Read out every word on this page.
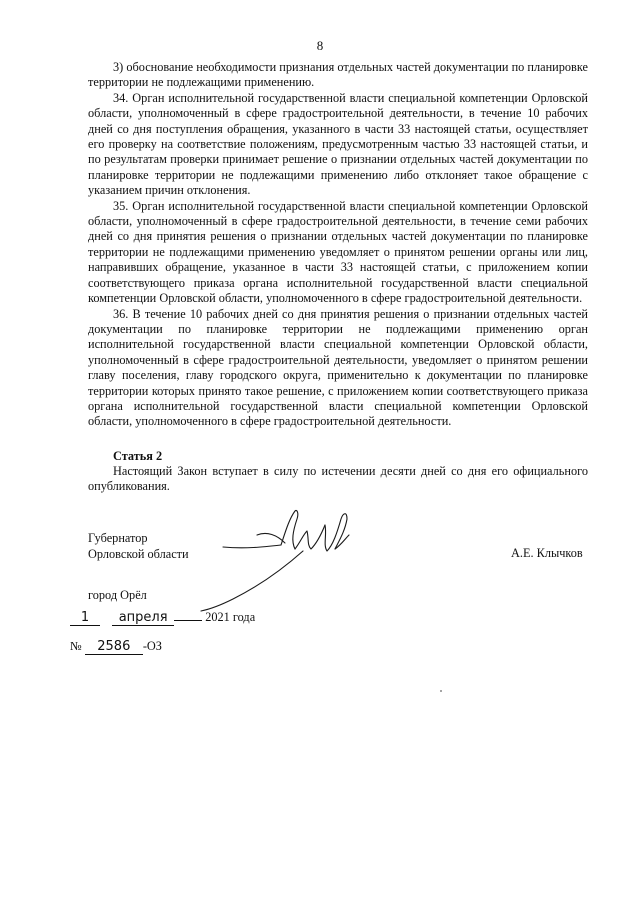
8

3) обоснование необходимости признания отдельных частей документации по планировке территории не подлежащими применению.

34. Орган исполнительной государственной власти специальной компетенции Орловской области, уполномоченный в сфере градостроительной деятельности, в течение 10 рабочих дней со дня поступления обращения, указанного в части 33 настоящей статьи, осуществляет его проверку на соответствие положениям, предусмотренным частью 33 настоящей статьи, и по результатам проверки принимает решение о признании отдельных частей документации по планировке территории не подлежащими применению либо отклоняет такое обращение с указанием причин отклонения.

35. Орган исполнительной государственной власти специальной компетенции Орловской области, уполномоченный в сфере градостроительной деятельности, в течение семи рабочих дней со дня принятия решения о признании отдельных частей документации по планировке территории не подлежащими применению уведомляет о принятом решении органы или лиц, направивших обращение, указанное в части 33 настоящей статьи, с приложением копии соответствующего приказа органа исполнительной государственной власти специальной компетенции Орловской области, уполномоченного в сфере градостроительной деятельности.

36. В течение 10 рабочих дней со дня принятия решения о признании отдельных частей документации по планировке территории не подлежащими применению орган исполнительной государственной власти специальной компетенции Орловской области, уполномоченный в сфере градостроительной деятельности, уведомляет о принятом решении главу поселения, главу городского округа, применительно к документации по планировке территории которых принято такое решение, с приложением копии соответствующего приказа органа исполнительной государственной власти специальной компетенции Орловской области, уполномоченного в сфере градостроительной деятельности.

Статья 2
Настоящий Закон вступает в силу по истечении десяти дней со дня его официального опубликования.
Губернатор
Орловской области	А.Е. Клычков
город Орёл
1 апреля	2021 года
№ 2586 -ОЗ
